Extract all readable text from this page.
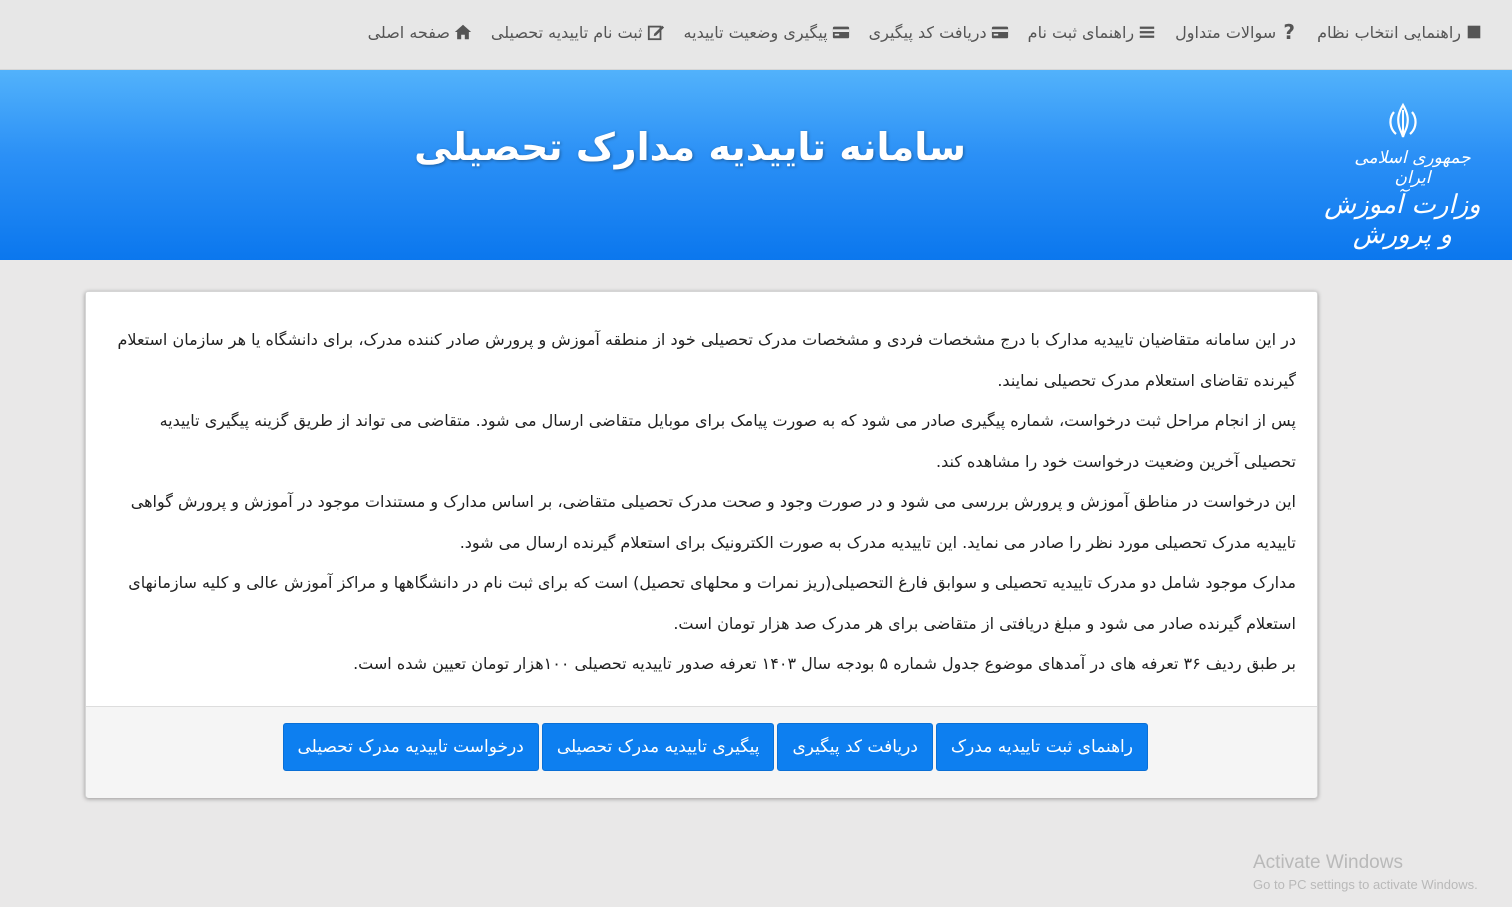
صفحه اصلی	ثبت نام تاییدیه تحصیلی	پیگیری وضعیت تاییدیه	دریافت کد پیگیری	راهنمای ثبت نام	?
سوالات متداول	راهنمایی انتخاب نظام
سامانه تاییدیه مدارک تحصیلی	جمهوری اسلامی ایران
وزارت آموزش و پرورش

در این سامانه متقاضیان تاییدیه مدارک با درج مشخصات فردی و مشخصات مدرک تحصیلی خود از منطقه آموزش و پرورش صادر کننده مدرک، برای دانشگاه یا هر سازمان استعلام گیرنده تقاضای استعلام مدرک تحصیلی نمایند.

پس از انجام مراحل ثبت درخواست، شماره پیگیری صادر می شود که به صورت پیامک برای موبایل متقاضی ارسال می شود. متقاضی می تواند از طریق گزینه پیگیری تاییدیه تحصیلی آخرین وضعیت درخواست خود را مشاهده کند.

این درخواست در مناطق آموزش و پرورش بررسی می شود و در صورت وجود و صحت مدرک تحصیلی متقاضی، بر اساس مدارک و مستندات موجود در آموزش و پرورش گواهی تاییدیه مدرک تحصیلی مورد نظر را صادر می نماید. این تاییدیه مدرک به صورت الکترونیک برای استعلام گیرنده ارسال می شود.

مدارک موجود شامل دو مدرک تاییدیه تحصیلی و سوابق فارغ التحصیلی(ریز نمرات و محلهای تحصیل) است که برای ثبت نام در دانشگاهها و مراکز آموزش عالی و کلیه سازمانهای استعلام گیرنده صادر می شود و مبلغ دریافتی از متقاضی برای هر مدرک صد هزار تومان است.

بر طبق ردیف ۳۶ تعرفه های در آمدهای موضوع جدول شماره ۵ بودجه سال ۱۴۰۳ تعرفه صدور تاییدیه تحصیلی ۱۰۰هزار تومان تعیین شده است.

درخواست تاییدیه مدرک تحصیلی	پیگیری تاییدیه مدرک تحصیلی	دریافت کد پیگیری	راهنمای ثبت تاییدیه مدرک
Activate Windows
Go to PC settings to activate Windows.
